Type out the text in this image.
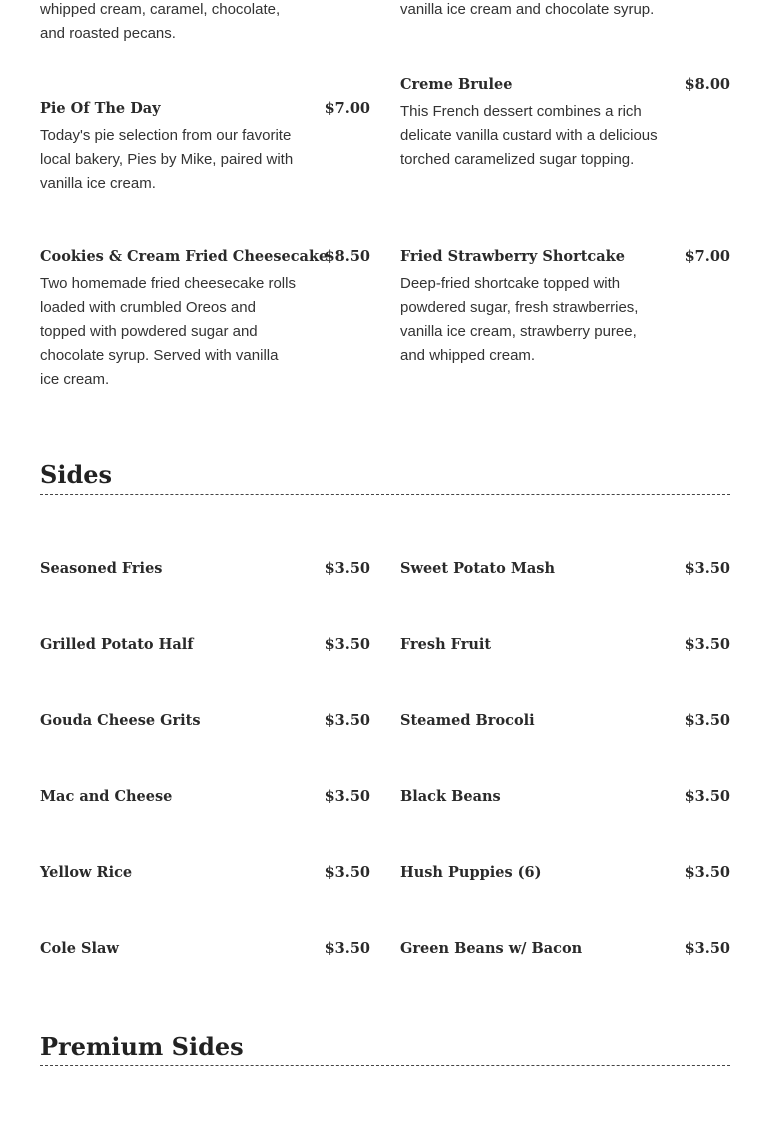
whipped cream, caramel, chocolate,
and roasted pecans.
vanilla ice cream and chocolate syrup.
Pie Of The Day	$7.00
Today's pie selection from our favorite local bakery, Pies by Mike, paired with vanilla ice cream.
Creme Brulee	$8.00
This French dessert combines a rich delicate vanilla custard with a delicious torched caramelized sugar topping.
Cookies & Cream Fried Cheesecake
$8.50
Two homemade fried cheesecake rolls loaded with crumbled Oreos and topped with powdered sugar and chocolate syrup. Served with vanilla ice cream.
Fried Strawberry Shortcake	$7.00
Deep-fried shortcake topped with powdered sugar, fresh strawberries, vanilla ice cream, strawberry puree, and whipped cream.
Sides
Seasoned Fries	$3.50 Sweet Potato Mash	$3.50
Grilled Potato Half	$3.50 Fresh Fruit	$3.50
Gouda Cheese Grits	$3.50 Steamed Brocoli	$3.50
Mac and Cheese	$3.50 Black Beans	$3.50
Yellow Rice	$3.50 Hush Puppies (6)	$3.50
Cole Slaw	$3.50 Green Beans w/ Bacon	$3.50
Premium Sides
